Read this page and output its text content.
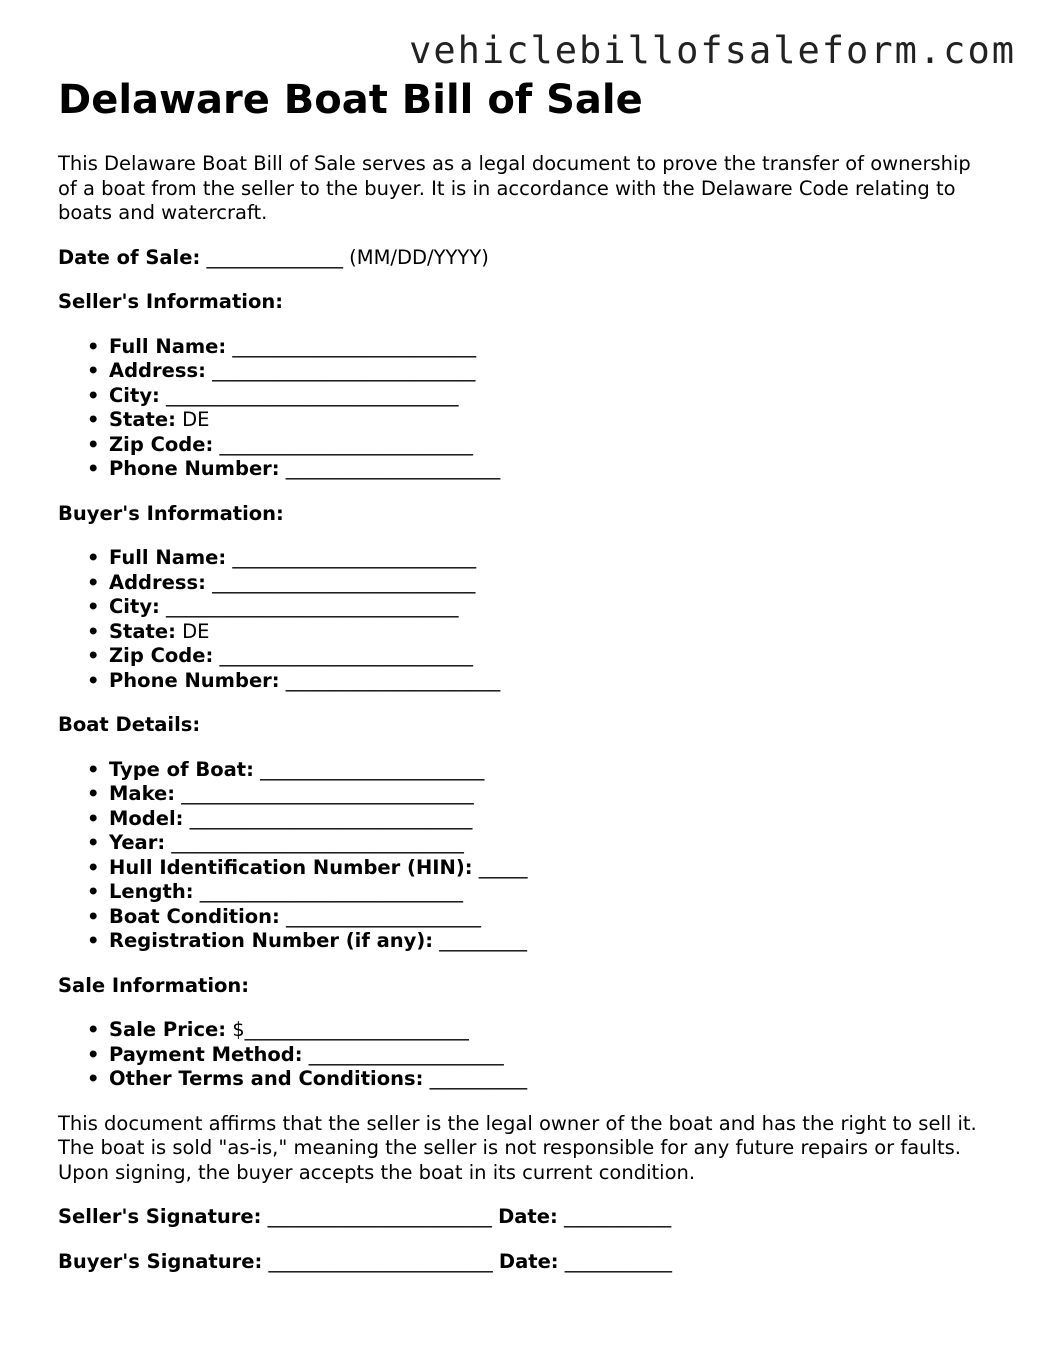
vehiclebillofsaleform.com
Delaware Boat Bill of Sale

This Delaware Boat Bill of Sale serves as a legal document to prove the transfer of ownership of a boat from the seller to the buyer. It is in accordance with the Delaware Code relating to boats and watercraft.

Date of Sale: ______________ (MM/DD/YYYY)

Seller's Information:

• Full Name: _________________________
• Address: ___________________________
• City: ______________________________
• State: DE
• Zip Code: __________________________
• Phone Number: ______________________

Buyer's Information:

• Full Name: _________________________
• Address: ___________________________
• City: ______________________________
• State: DE
• Zip Code: __________________________
• Phone Number: ______________________

Boat Details:

• Type of Boat: _______________________
• Make: ______________________________
• Model: _____________________________
• Year: ______________________________
• Hull Identification Number (HIN): _____
• Length: ___________________________
• Boat Condition: ____________________
• Registration Number (if any): _________

Sale Information:

• Sale Price: $_______________________
• Payment Method: ____________________
• Other Terms and Conditions: __________

This document affirms that the seller is the legal owner of the boat and has the right to sell it. The boat is sold "as-is," meaning the seller is not responsible for any future repairs or faults. Upon signing, the buyer accepts the boat in its current condition.

Seller's Signature: _______________________ Date: ___________

Buyer's Signature: _______________________ Date: ___________
